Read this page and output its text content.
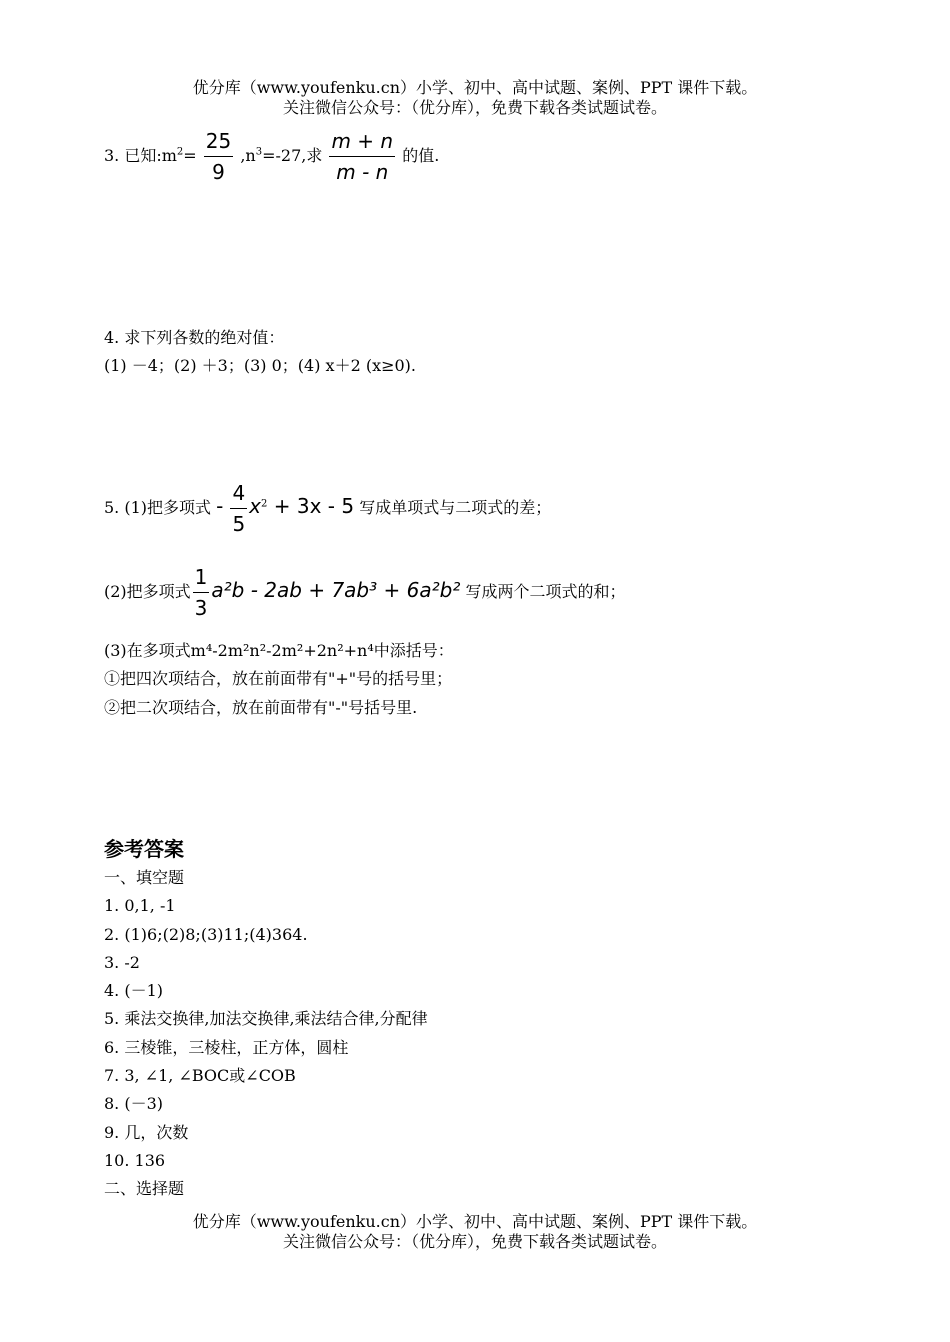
优分库（www.youfenku.cn）小学、初中、高中试题、案例、PPT 课件下载。
关注微信公众号：（优分库），免费下载各类试题试卷。
3. 已知$:m^2= \frac{25}{9} ,n^3=-27$,求 $\frac{m + n}{m - n}$ 的值.
4. 求下列各数的绝对值：
(1) －4；(2) ＋3；(3) 0；(4) x＋2 (x≥0).
5. (1)把多项式 - $\frac{4}{5} x^2 + 3x - 5$ 写成单项式与二项式的差；
(2)把多项式 $\frac{1}{3} a^2b - 2ab + 7ab^3 + 6a^2b^2$ 写成两个二项式的和；
(3)在多项式m⁴-2m²n²-2m²+2n²+n⁴中添括号：
①把四次项结合，放在前面带有"+"号的括号里；
②把二次项结合，放在前面带有"-"号括号里.
参考答案
一、填空题
1. 0,1, -1
2. (1)6;(2)8;(3)11;(4)364.
3. -2
4. (－1)
5. 乘法交换律,加法交换律,乘法结合律,分配律
6. 三棱锥，三棱柱，正方体，圆柱
7. 3, ∠1, ∠BOC或∠COB
8. (－3)
9. 几，次数
10. 136
二、选择题
优分库（www.youfenku.cn）小学、初中、高中试题、案例、PPT 课件下载。
关注微信公众号：（优分库），免费下载各类试题试卷。
